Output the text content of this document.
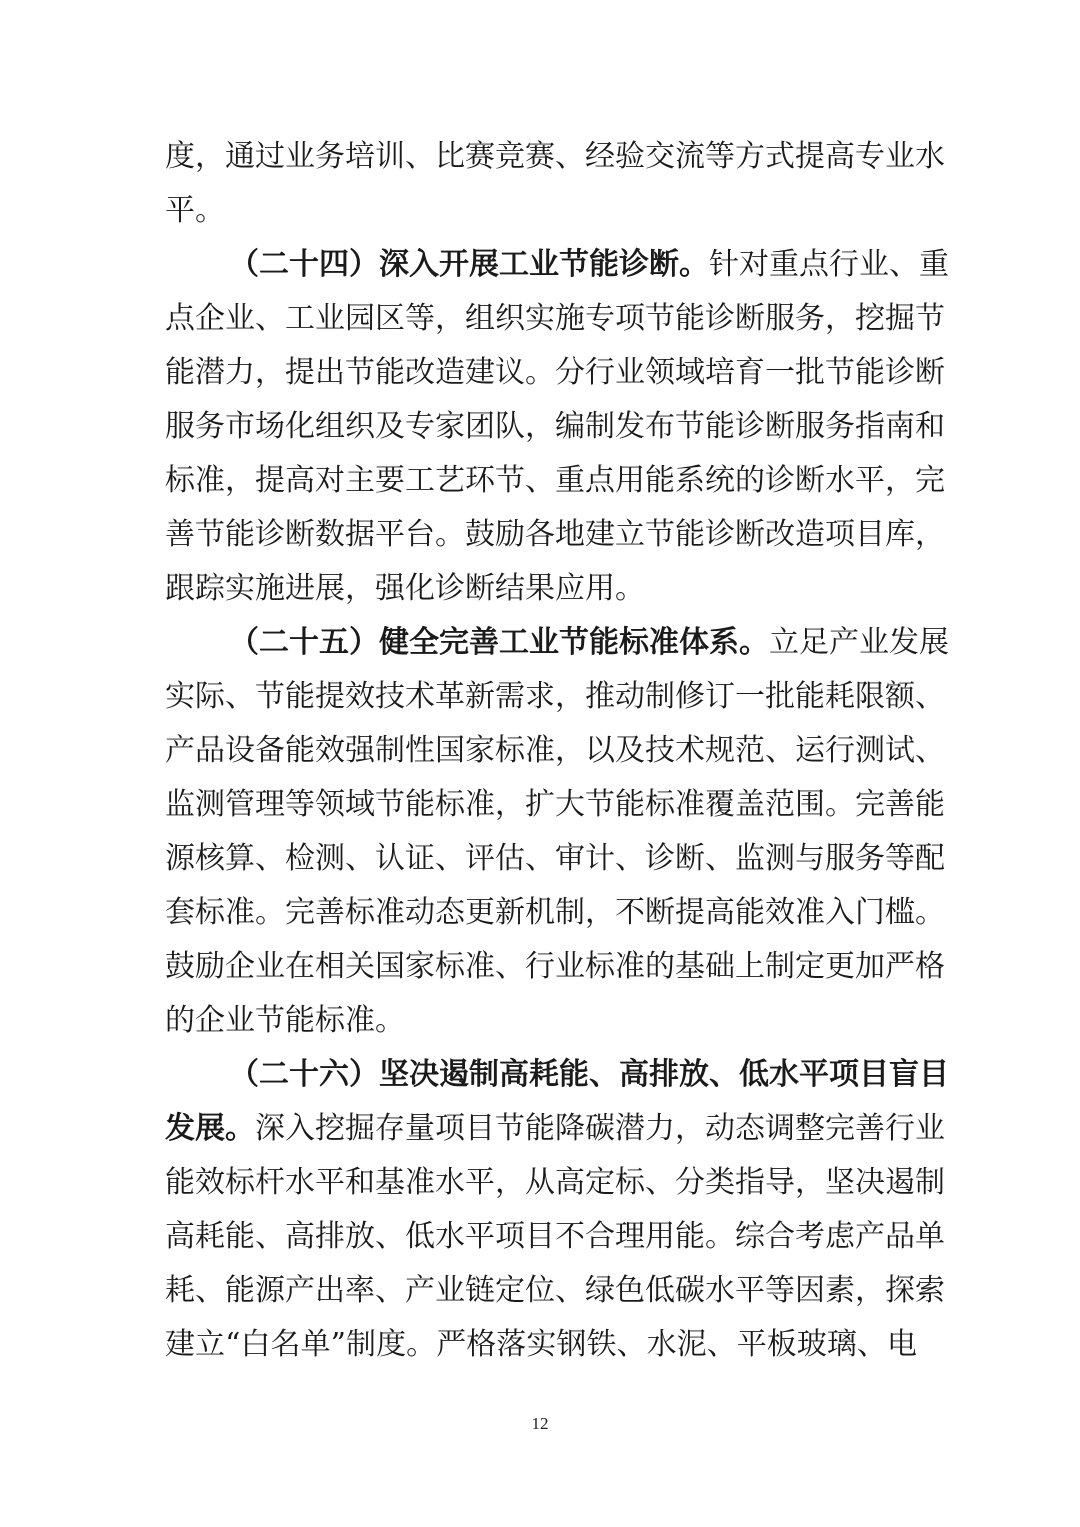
度，通过业务培训、比赛竞赛、经验交流等方式提高专业水
平。
（二十四）深入开展工业节能诊断。针对重点行业、重
点企业、工业园区等，组织实施专项节能诊断服务，挖掘节
能潜力，提出节能改造建议。分行业领域培育一批节能诊断
服务市场化组织及专家团队，编制发布节能诊断服务指南和
标准，提高对主要工艺环节、重点用能系统的诊断水平，完
善节能诊断数据平台。鼓励各地建立节能诊断改造项目库，
跟踪实施进展，强化诊断结果应用。
（二十五）健全完善工业节能标准体系。立足产业发展
实际、节能提效技术革新需求，推动制修订一批能耗限额、
产品设备能效强制性国家标准，以及技术规范、运行测试、
监测管理等领域节能标准，扩大节能标准覆盖范围。完善能
源核算、检测、认证、评估、审计、诊断、监测与服务等配
套标准。完善标准动态更新机制，不断提高能效准入门槛。
鼓励企业在相关国家标准、行业标准的基础上制定更加严格
的企业节能标准。
（二十六）坚决遏制高耗能、高排放、低水平项目盲目
发展。深入挖掘存量项目节能降碳潜力，动态调整完善行业
能效标杆水平和基准水平，从高定标、分类指导，坚决遏制
高耗能、高排放、低水平项目不合理用能。综合考虑产品单
耗、能源产出率、产业链定位、绿色低碳水平等因素，探索
建立“白名单”制度。严格落实钢铁、水泥、平板玻璃、电
12
